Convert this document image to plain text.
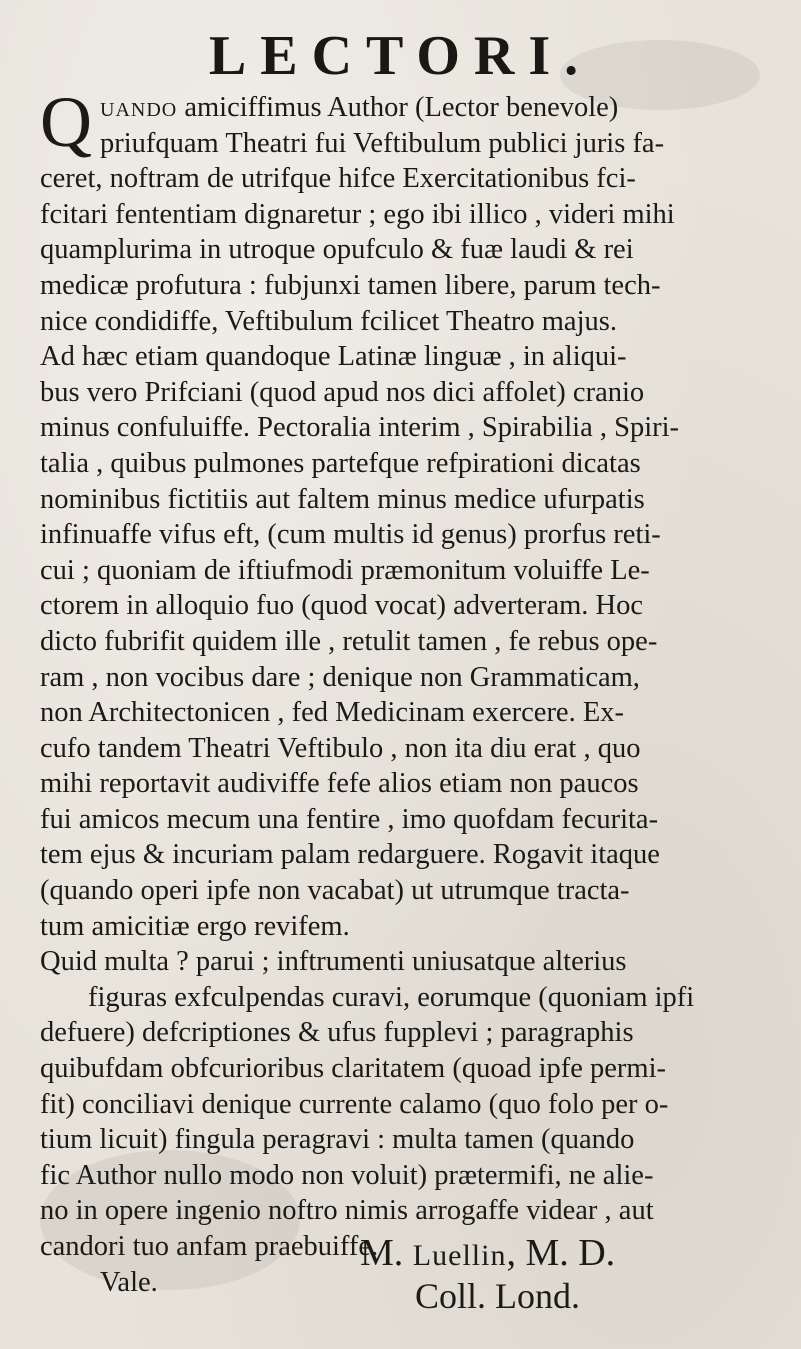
LECTORI.
QUANDO amiciffimus Author (Lector benevole)
priufquam Theatri fui Veftibulum publici juris fa-
ceret, noftram de utrifque hifce Exercitationibus fci-
fcitari fententiam dignaretur ; ego ibi illico , videri mihi
quamplurima in utroque opufculo & fuæ laudi & rei
medicæ profutura : fubjunxi tamen libere, parum tech-
nice condidiffe, Veftibulum fcilicet Theatro majus.
Ad hæc etiam quandoque Latinæ linguæ , in aliqui-
bus vero Prifciani (quod apud nos dici affolet) cranio
minus confuluiffe. Pectoralia interim , Spirabilia , Spiri-
talia , quibus pulmones partefque refpirationi dicatas
nominibus fictitiis aut faltem minus medice ufurpatis
infinuaffe vifus eft, (cum multis id genus) prorfus reti-
cui ; quoniam de iftiufmodi præmonitum voluiffe Le-
ctorem in alloquio fuo (quod vocat) adverteram. Hoc
dicto fubrifit quidem ille , retulit tamen , fe rebus ope-
ram , non vocibus dare ; denique non Grammaticam,
non Architectonicen , fed Medicinam exercere. Ex-
cufo tandem Theatri Veftibulo , non ita diu erat , quo
mihi reportavit audiviffe fefe alios etiam non paucos
fui amicos mecum una fentire , imo quofdam fecurita-
tem ejus & incuriam palam redarguere. Rogavit itaque
(quando operi ipfe non vacabat) ut utrumque tracta-
tum amicitiæ ergo revifem.
Quid multa ? parui ; inftrumenti uniusatque alterius
figuras exfculpendas curavi, eorumque (quoniam ipfi
defuere) defcriptiones & ufus fupplevi ; paragraphis
quibufdam obfcurioribus claritatem (quoad ipfe permi-
fit) conciliavi denique currente calamo (quo folo per o-
tium licuit) fingula peragravi : multa tamen (quando
fic Author nullo modo non voluit) prætermifi, ne alie-
no in opere ingenio noftro nimis arrogaffe videar , aut
candori tuo anfam praebuiffe.
Vale.
M. Luellin, M. D.
Coll. Lond.
